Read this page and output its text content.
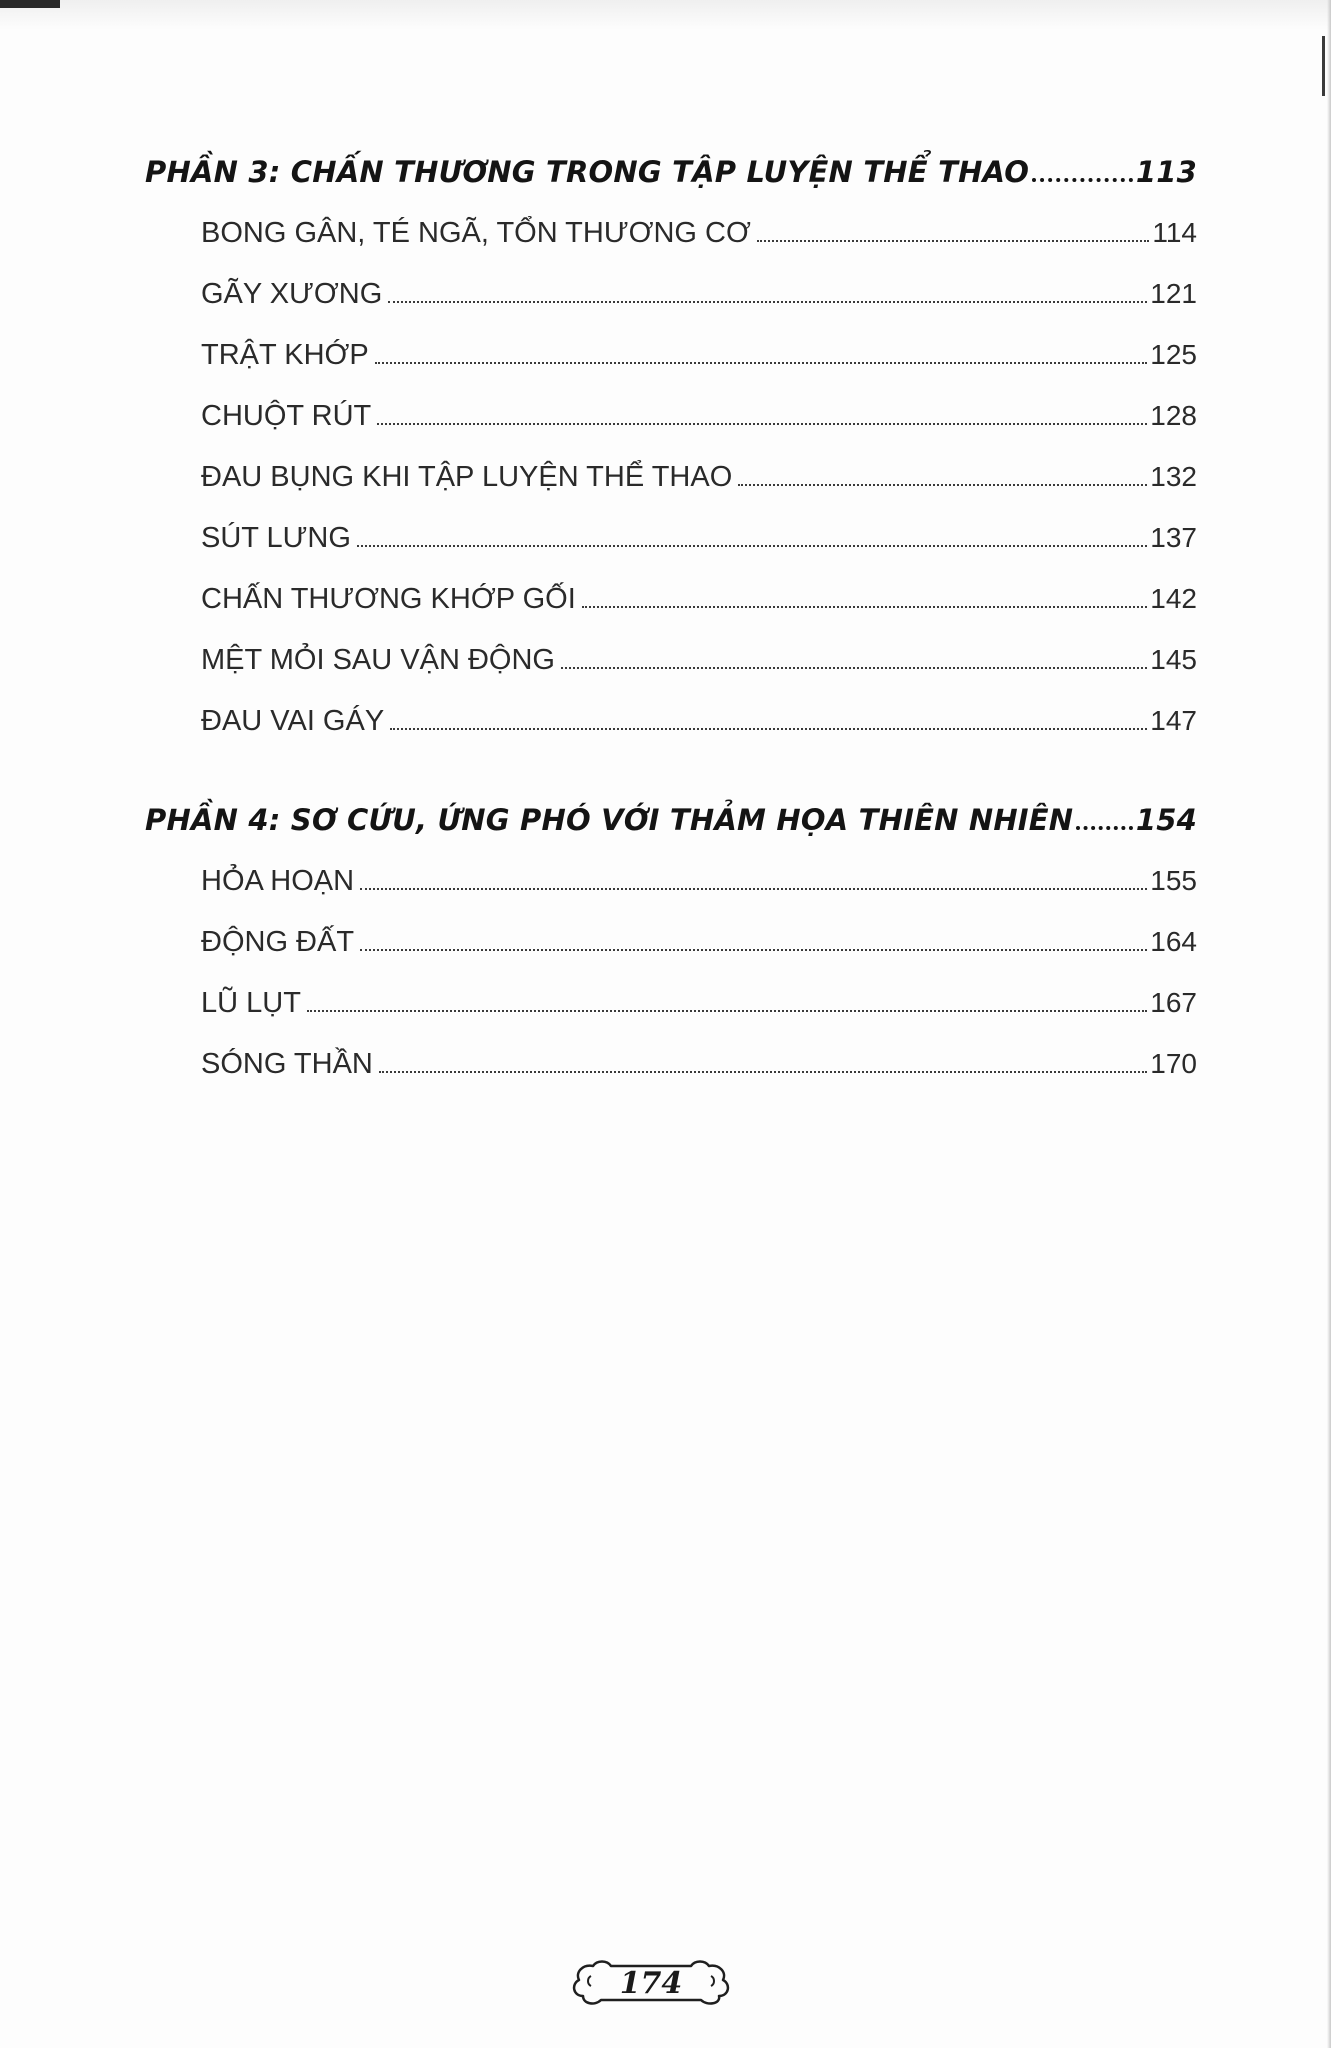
PHẦN 3: CHẤN THƯƠNG TRONG TẬP LUYỆN THỂ THAO	113
BONG GÂN, TÉ NGÃ, TỔN THƯƠNG CƠ	114
GÃY XƯƠNG	121
TRẬT KHỚP	125
CHUỘT RÚT	128
ĐAU BỤNG KHI TẬP LUYỆN THỂ THAO	132
SÚT LƯNG	137
CHẤN THƯƠNG KHỚP GỐI	142
MỆT MỎI SAU VẬN ĐỘNG	145
ĐAU VAI GÁY	147
PHẦN 4: SƠ CỨU, ỨNG PHÓ VỚI THẢM HỌA THIÊN NHIÊN 154
HỎA HOẠN	155
ĐỘNG ĐẤT	164
LŨ LỤT	167
SÓNG THẦN	170
174
